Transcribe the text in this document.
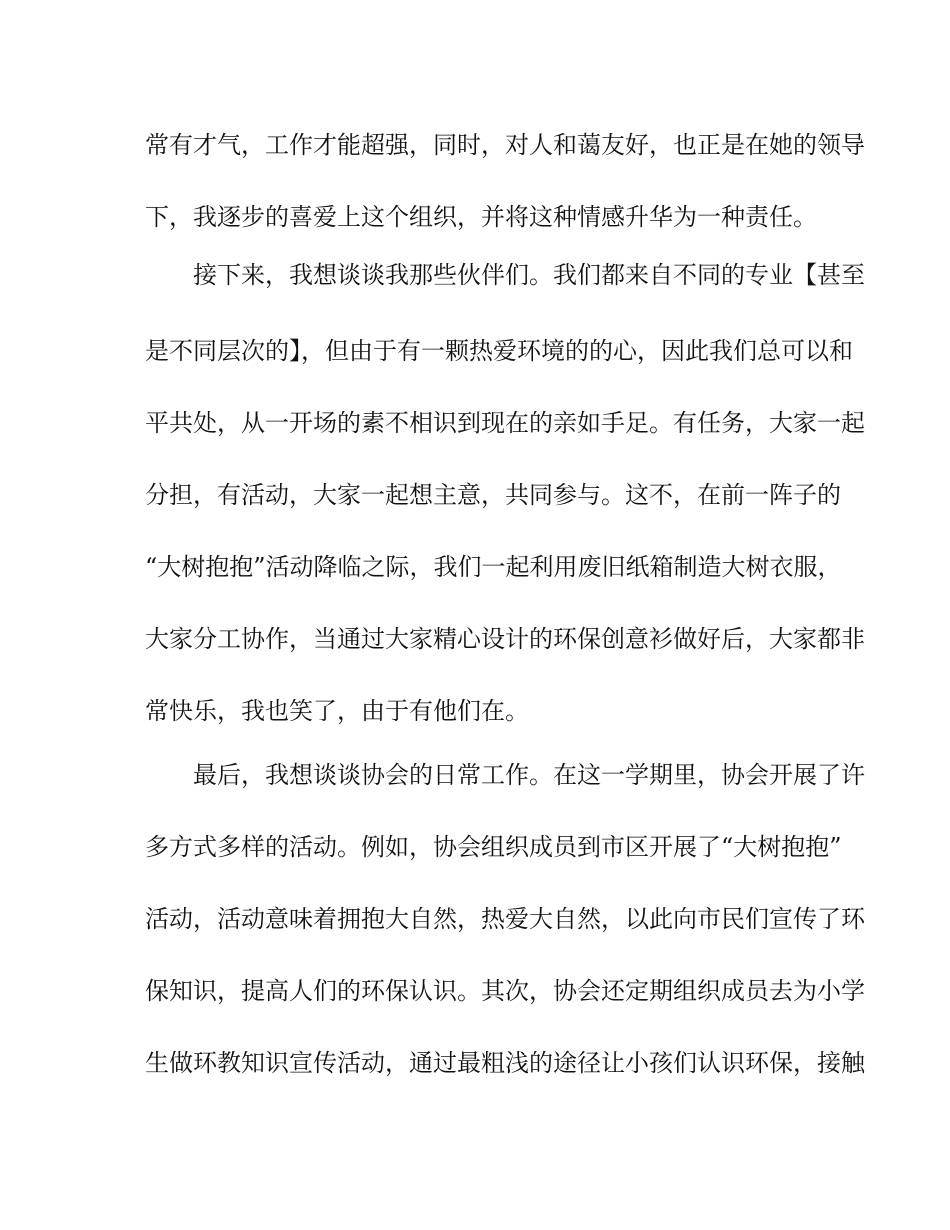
常有才气，工作才能超强，同时，对人和蔼友好，也正是在她的领导
下，我逐步的喜爱上这个组织，并将这种情感升华为一种责任。
接下来，我想谈谈我那些伙伴们。我们都来自不同的专业【甚至
是不同层次的】，但由于有一颗热爱环境的的心，因此我们总可以和
平共处，从一开场的素不相识到现在的亲如手足。有任务，大家一起
分担，有活动，大家一起想主意，共同参与。这不，在前一阵子的
“大树抱抱”活动降临之际，我们一起利用废旧纸箱制造大树衣服，
大家分工协作，当通过大家精心设计的环保创意衫做好后，大家都非
常快乐，我也笑了，由于有他们在。
最后，我想谈谈协会的日常工作。在这一学期里，协会开展了许
多方式多样的活动。例如，协会组织成员到市区开展了“大树抱抱”
活动，活动意味着拥抱大自然，热爱大自然，以此向市民们宣传了环
保知识，提高人们的环保认识。其次，协会还定期组织成员去为小学
生做环教知识宣传活动，通过最粗浅的途径让小孩们认识环保，接触
